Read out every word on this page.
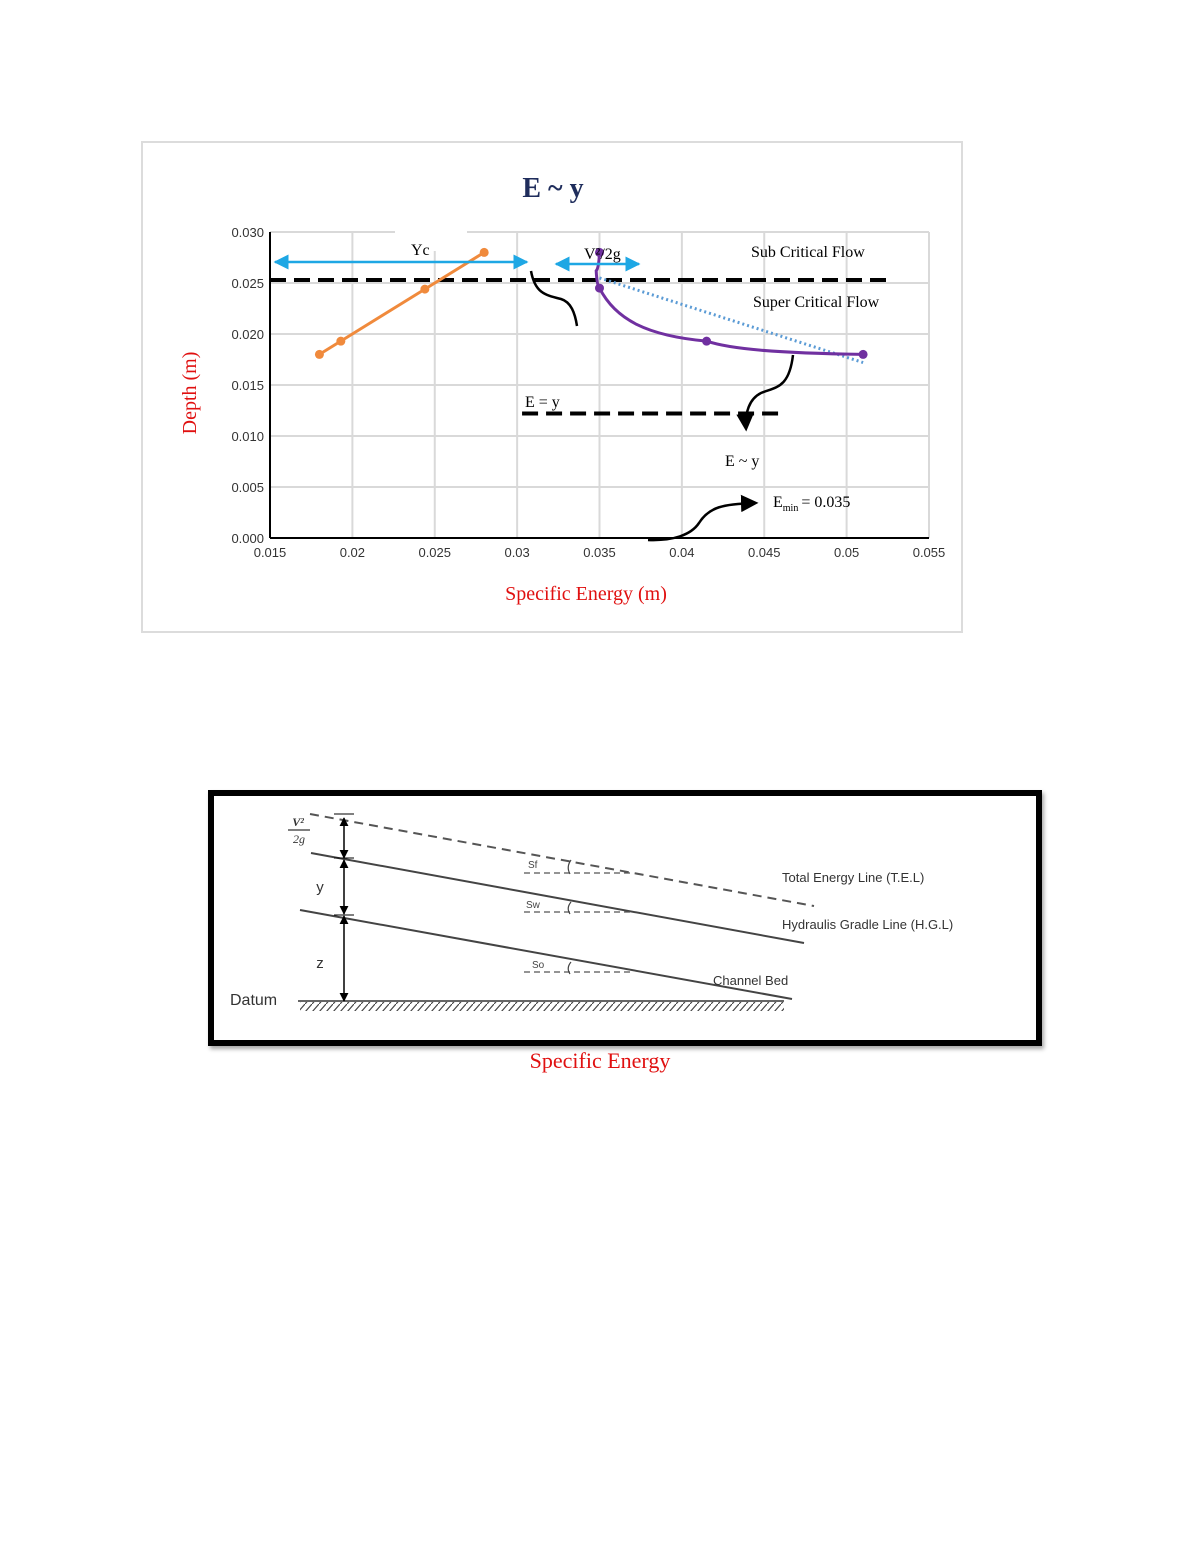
E ~ y
0.015	0.02	0.025	0.03	0.035	0.04	0.045	0.05	0.055
0.000
0.005
0.010
0.015
0.020
0.025
0.030
Yc	V²/2g	Sub Critical Flow
Super Critical Flow
E = y
E ~ y
$E_{min} = 0.035$
Specific Energy (m)
Depth (m)
V²
2g
y
z
Datum
Sf
Sw
So
Total Energy Line (T.E.L)
Hydraulis Gradle Line (H.G.L)
Channel Bed
Specific Energy
